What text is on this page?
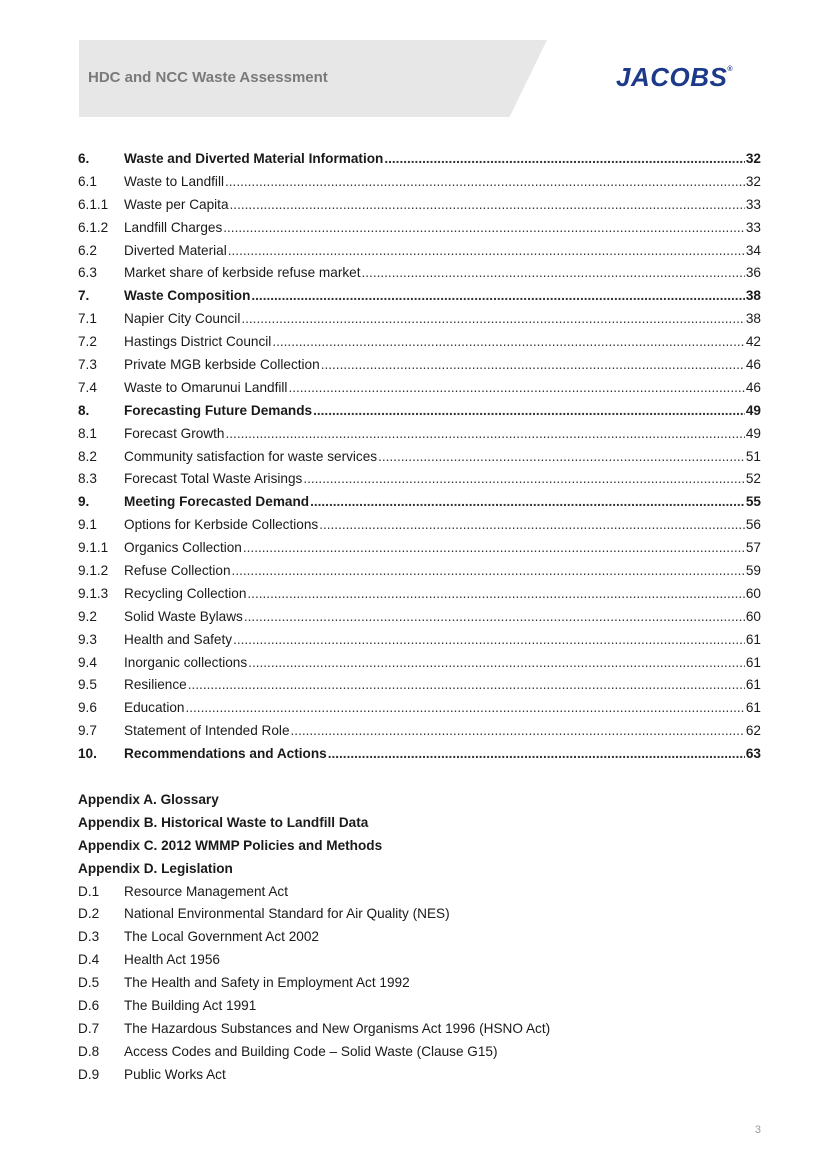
HDC and NCC Waste Assessment	JACOBS®
6.	Waste and Diverted Material Information .....	32
6.1	Waste to Landfill .....	32
6.1.1	Waste per Capita .....	33
6.1.2	Landfill Charges .....	33
6.2	Diverted Material .....	34
6.3	Market share of kerbside refuse market .....	36
7.	Waste Composition .....	38
7.1	Napier City Council .....	38
7.2	Hastings District Council .....	42
7.3	Private MGB kerbside Collection .....	46
7.4	Waste to Omarunui Landfill .....	46
8.	Forecasting Future Demands .....	49
8.1	Forecast Growth .....	49
8.2	Community satisfaction for waste services .....	51
8.3	Forecast Total Waste Arisings .....	52
9.	Meeting Forecasted Demand .....	55
9.1	Options for Kerbside Collections .....	56
9.1.1	Organics Collection .....	57
9.1.2	Refuse Collection .....	59
9.1.3	Recycling Collection .....	60
9.2	Solid Waste Bylaws .....	60
9.3	Health and Safety .....	61
9.4	Inorganic collections .....	61
9.5	Resilience .....	61
9.6	Education .....	61
9.7	Statement of Intended Role .....	62
10.	Recommendations and Actions .....	63
Appendix A. Glossary
Appendix B. Historical Waste to Landfill Data
Appendix C. 2012 WMMP Policies and Methods
Appendix D. Legislation
D.1	Resource Management Act
D.2	National Environmental Standard for Air Quality (NES)
D.3	The Local Government Act 2002
D.4	Health Act 1956
D.5	The Health and Safety in Employment Act 1992
D.6	The Building Act 1991
D.7	The Hazardous Substances and New Organisms Act 1996 (HSNO Act)
D.8	Access Codes and Building Code – Solid Waste (Clause G15)
D.9	Public Works Act
3
